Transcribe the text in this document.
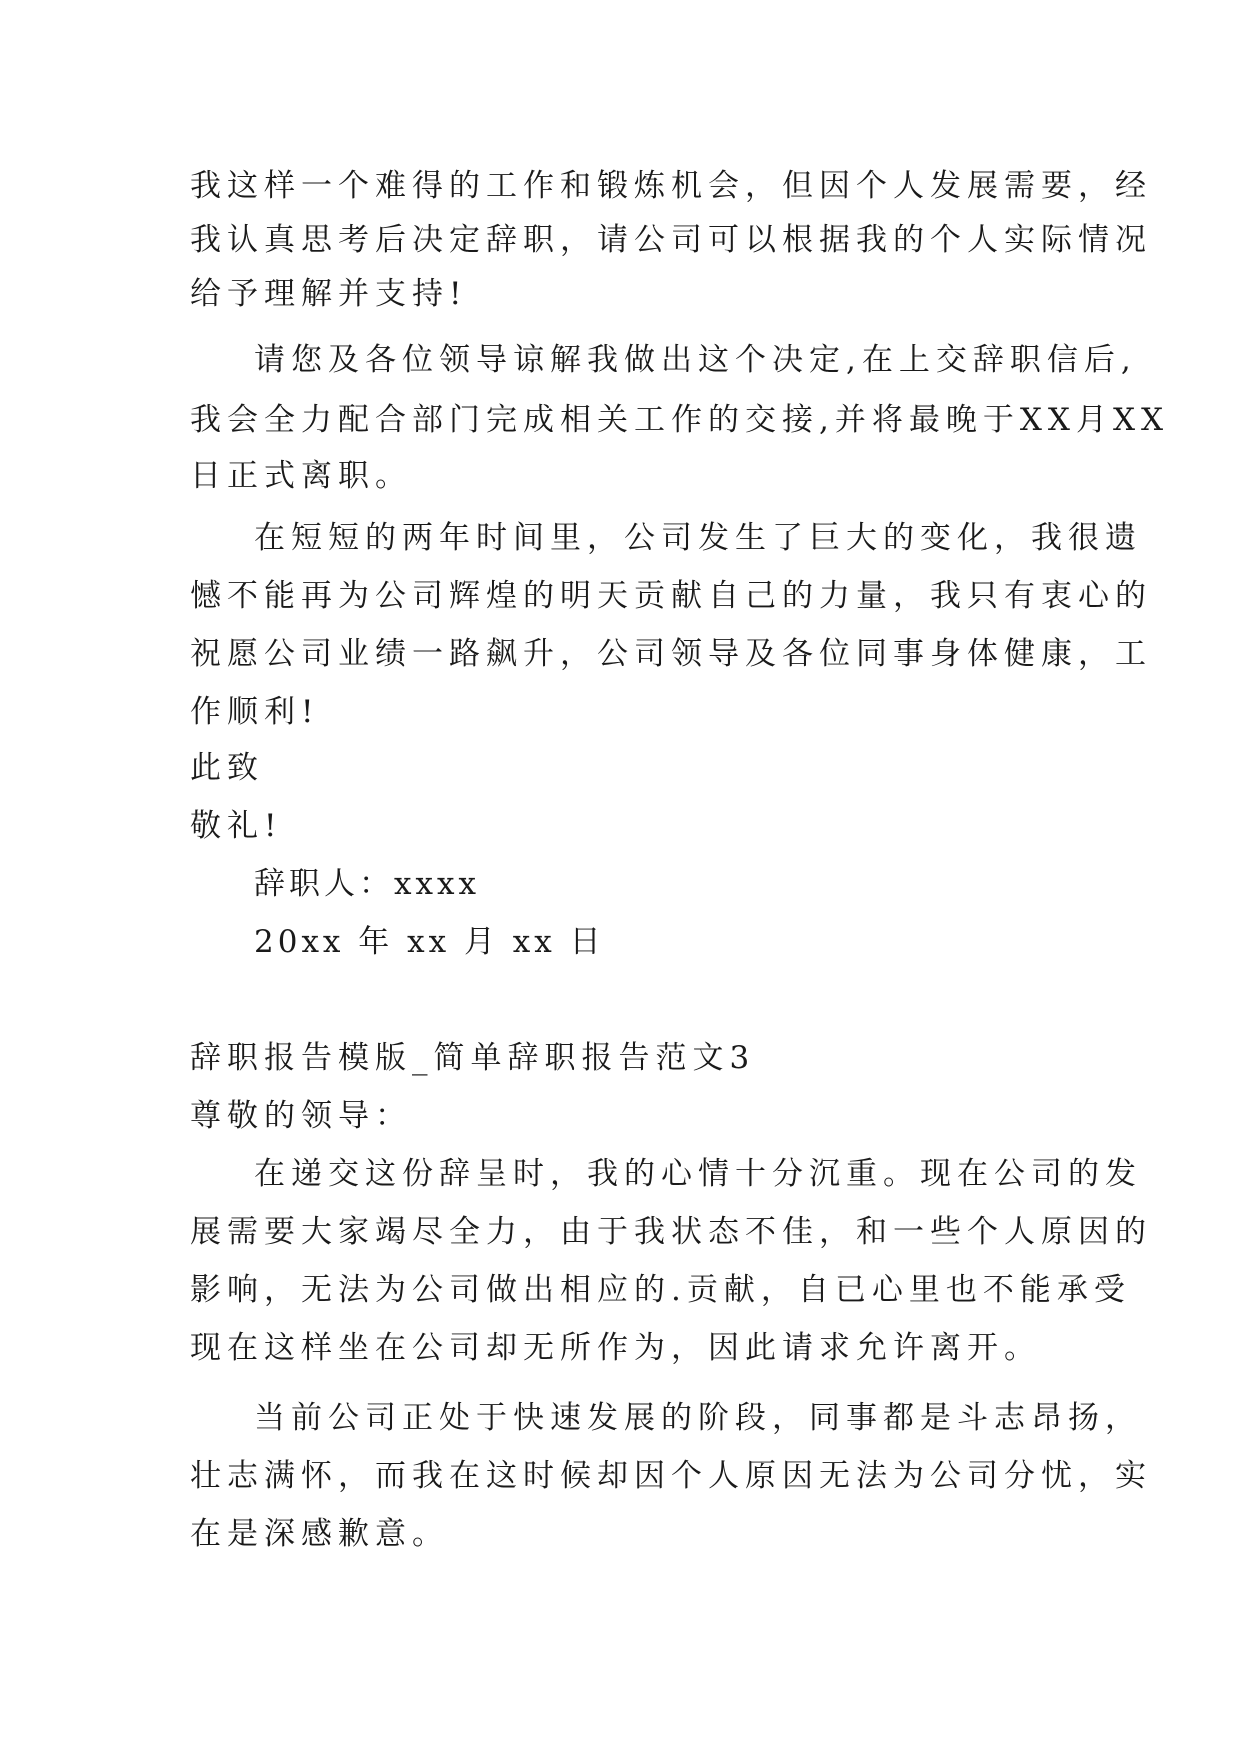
我这样一个难得的工作和锻炼机会，但因个人发展需要，经
我认真思考后决定辞职，请公司可以根据我的个人实际情况
给予理解并支持!
请您及各位领导谅解我做出这个决定,在上交辞职信后,
我会全力配合部门完成相关工作的交接,并将最晚于XX月XX
日正式离职。
在短短的两年时间里，公司发生了巨大的变化，我很遗
憾不能再为公司辉煌的明天贡献自己的力量，我只有衷心的
祝愿公司业绩一路飙升，公司领导及各位同事身体健康，工
作顺利!
此致
敬礼!
辞职人：xxxx
20xx 年 xx 月 xx 日
辞职报告模版_简单辞职报告范文3
尊敬的领导：
在递交这份辞呈时，我的心情十分沉重。现在公司的发
展需要大家竭尽全力，由于我状态不佳，和一些个人原因的
影响，无法为公司做出相应的.贡献，自已心里也不能承受
现在这样坐在公司却无所作为，因此请求允许离开。
当前公司正处于快速发展的阶段，同事都是斗志昂扬，
壮志满怀，而我在这时候却因个人原因无法为公司分忧，实
在是深感歉意。
